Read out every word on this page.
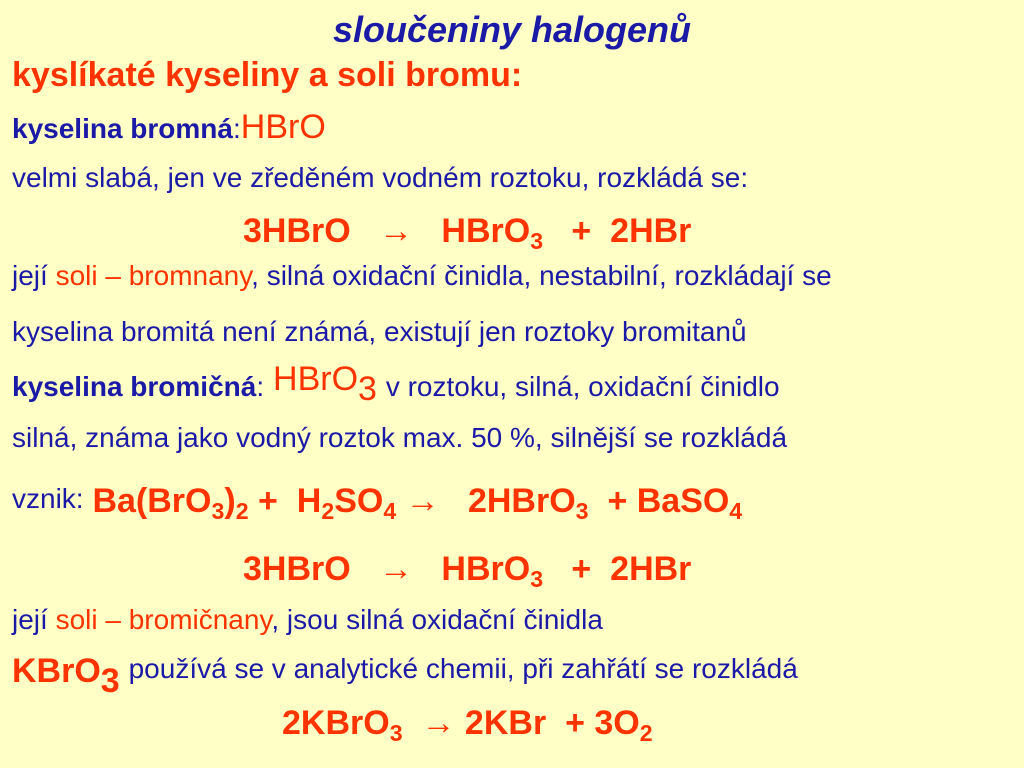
sloučeniny halogenů
kyslíkaté kyseliny a soli bromu:
kyselina bromná:HBrO
velmi slabá, jen ve zředěném vodném roztoku, rozkládá se:
3HBrO → HBrO$_3$ + 2HBr
její soli – bromnany, silná oxidační činidla, nestabilní, rozkládají se
kyselina bromitá není známá, existují jen roztoky bromitanů
kyselina bromičná: HBrO$_3$ v roztoku, silná, oxidační činidlo
silná, známa jako vodný roztok max. 50 %, silnější se rozkládá
vznik: $Ba(BrO_3)_2 + H_2SO_4$ → 2HBrO$_3$ + BaSO$_4$
3HBrO → HBrO$_3$ + 2HBr
její soli – bromičnany, jsou silná oxidační činidla
KBrO$_3$ používá se v analytické chemii, při zahřátí se rozkládá
2KBrO$_3$ → $2KBr + 3O_2$
